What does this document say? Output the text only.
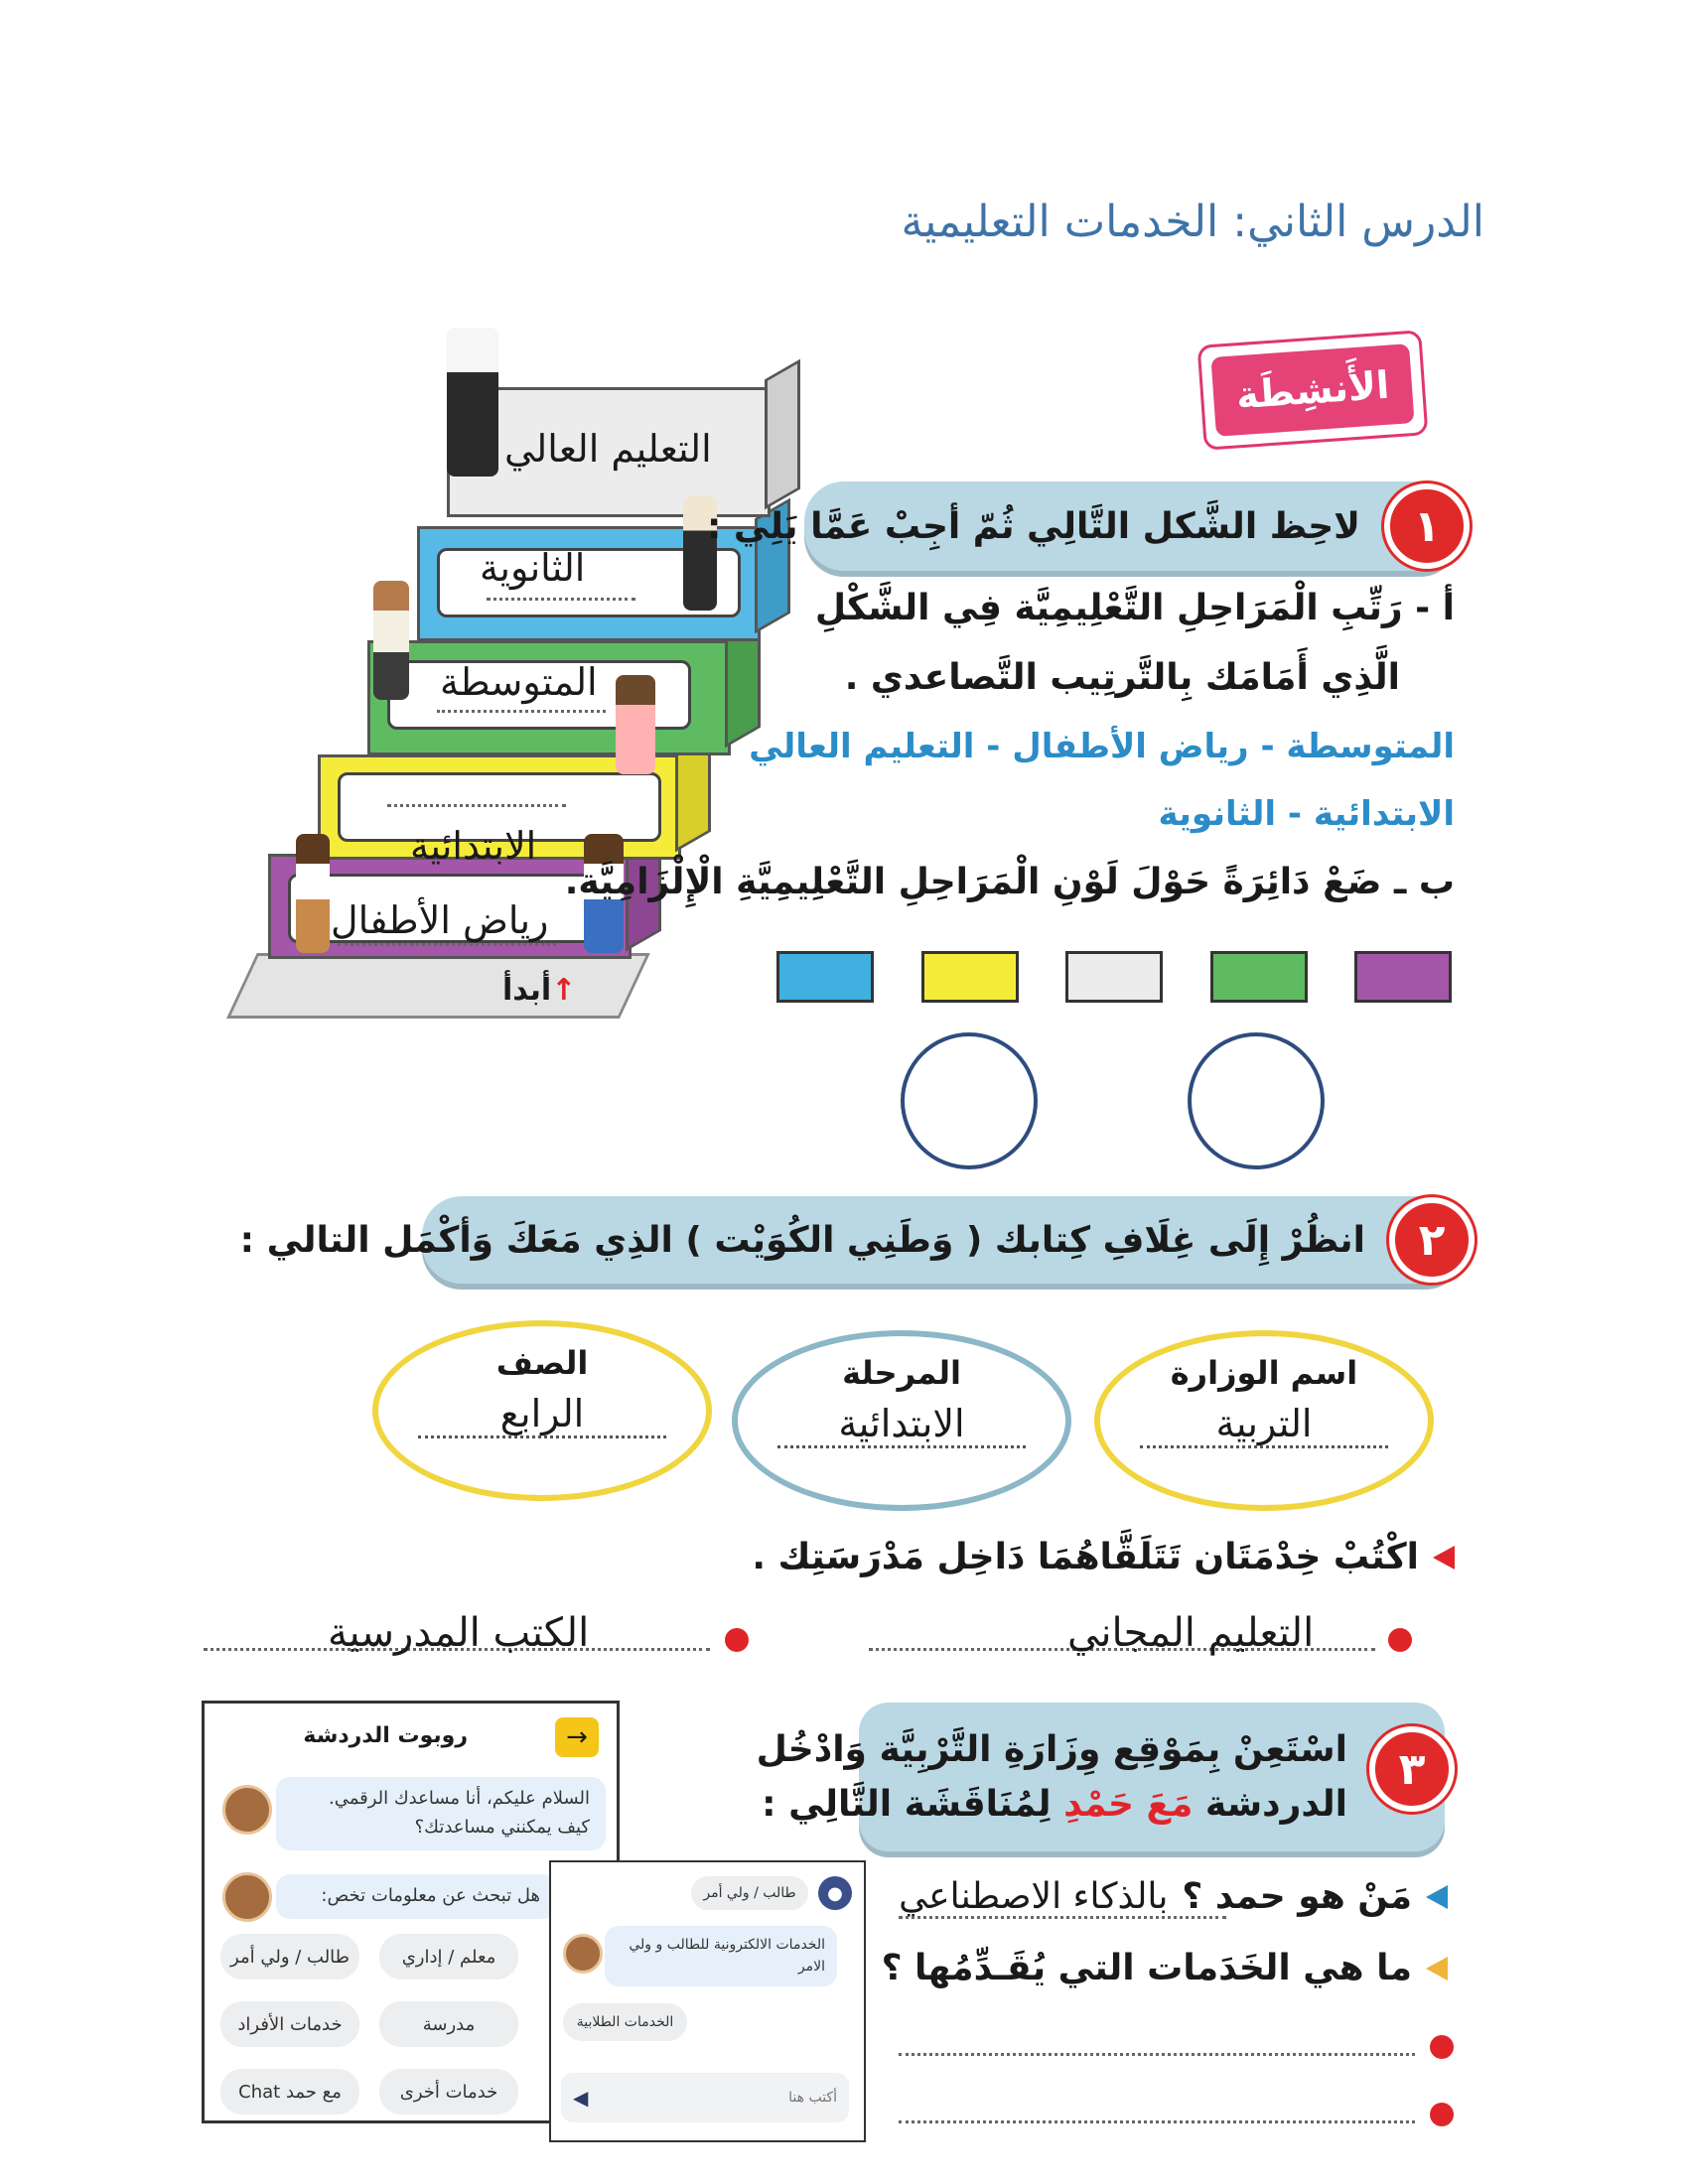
الدرس الثاني: الخدمات التعليمية
الأَنشِطَة
التعليم العالي
الثانوية
المتوسطة
الابتدائية
رياض الأطفال
↑أبدأ
١
لاحِظ الشَّكل التَّالِي ثُمّ أجِبْ عَمَّا يَلِي :
أ - رَتِّبِ الْمَرَاحِلِ التَّعْلِيمِيَّة فِي الشَّكْلِ
الَّذِي أَمَامَك بِالتَّرتِيب التَّصاعدي .
المتوسطة - رياض الأطفال - التعليم العالي
الابتدائية - الثانوية
ب ـ ضَعْ دَائِرَةً حَوْلَ لَوْنِ الْمَرَاحِلِ التَّعْلِيمِيَّةِ الْإِلْزَامِيَّة.
٢
انظُرْ إِلَى غِلَافِ كِتابك ( وَطَنِي الكُوَيْت ) الذِي مَعَكَ وَأكْمَل التالي :
اسم الوزارة
التربية
المرحلة
الابتدائية
الصف
الرابع
اكْتُبْ خِدْمَتَان تَتَلَقَّاهُمَا دَاخِل مَدْرَسَتِك .
التعليم المجاني
الكتب المدرسية
٣
اسْتَعِنْ بِمَوْقِع وِزَارَةِ التَّرْبِيَّة وَادْخُل
الدردشة مَعَ حَمْدِ لِمُنَاقَشَة التَّالِي :
مَنْ هو حمد ؟
بالذكاء الاصطناعي
ما هي الخَدَمات التي يُقَـدِّمُها ؟
روبوت الدردشة	→
السلام عليكم، أنا مساعدك الرقمي.
كيف يمكنني مساعدتك؟
هل تبحث عن معلومات تخص:
معلم / إداري
طالب / ولي أمر
مدرسة
خدمات الأفراد
خدمات أخرى
مع حمد Chat
●
طالب / ولي أمر
الخدمات الالكترونية للطالب و ولي الامر
الخدمات الطلابية
أكتب هنا
◀
